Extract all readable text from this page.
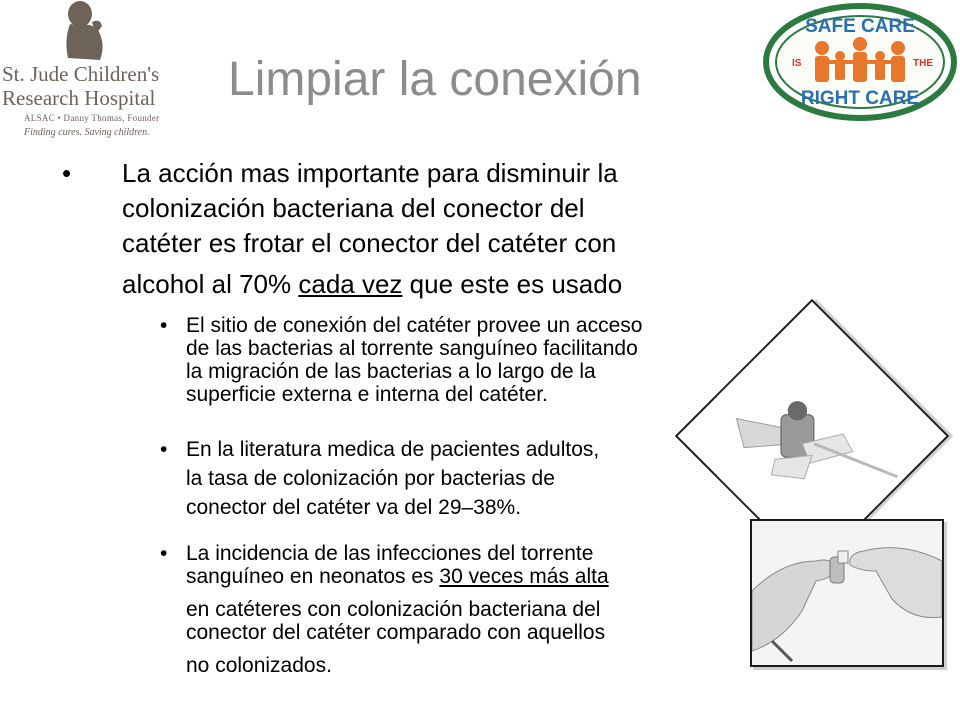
St. Jude Children's
Research Hospital
ALSAC • Danny Thomas, Founder
Finding cures. Saving children.
SAFE CARE
IS	THE
RIGHT CARE
Limpiar la conexión
• La acción mas importante para disminuir la
colonización bacteriana del conector del
catéter es frotar el conector del catéter con
alcohol al 70% cada vez que este es usado
• El sitio de conexión del catéter provee un acceso
de las bacterias al torrente sanguíneo facilitando
la migración de las bacterias a lo largo de la
superficie externa e interna del catéter.
• En la literatura medica de pacientes adultos,
la tasa de colonización por bacterias de
conector del catéter va del 29–38%.
• La incidencia de las infecciones del torrente
sanguíneo en neonatos es 30 veces más alta
en catéteres con colonización bacteriana del
conector del catéter comparado con aquellos
no colonizados.
